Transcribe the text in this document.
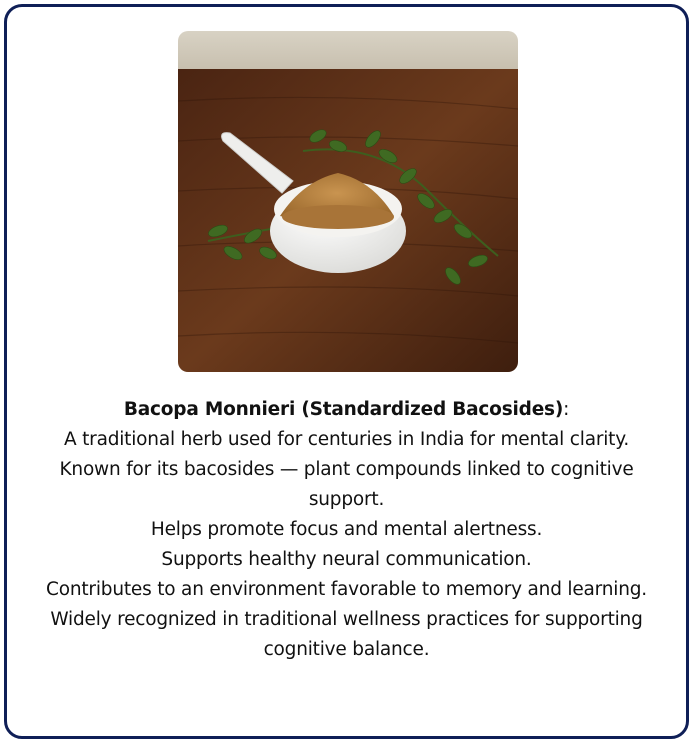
Bacopa Monnieri (Standardized Bacosides):
A traditional herb used for centuries in India for mental clarity.
Known for its bacosides — plant compounds linked to cognitive support.
Helps promote focus and mental alertness.
Supports healthy neural communication.
Contributes to an environment favorable to memory and learning.
Widely recognized in traditional wellness practices for supporting cognitive balance.
